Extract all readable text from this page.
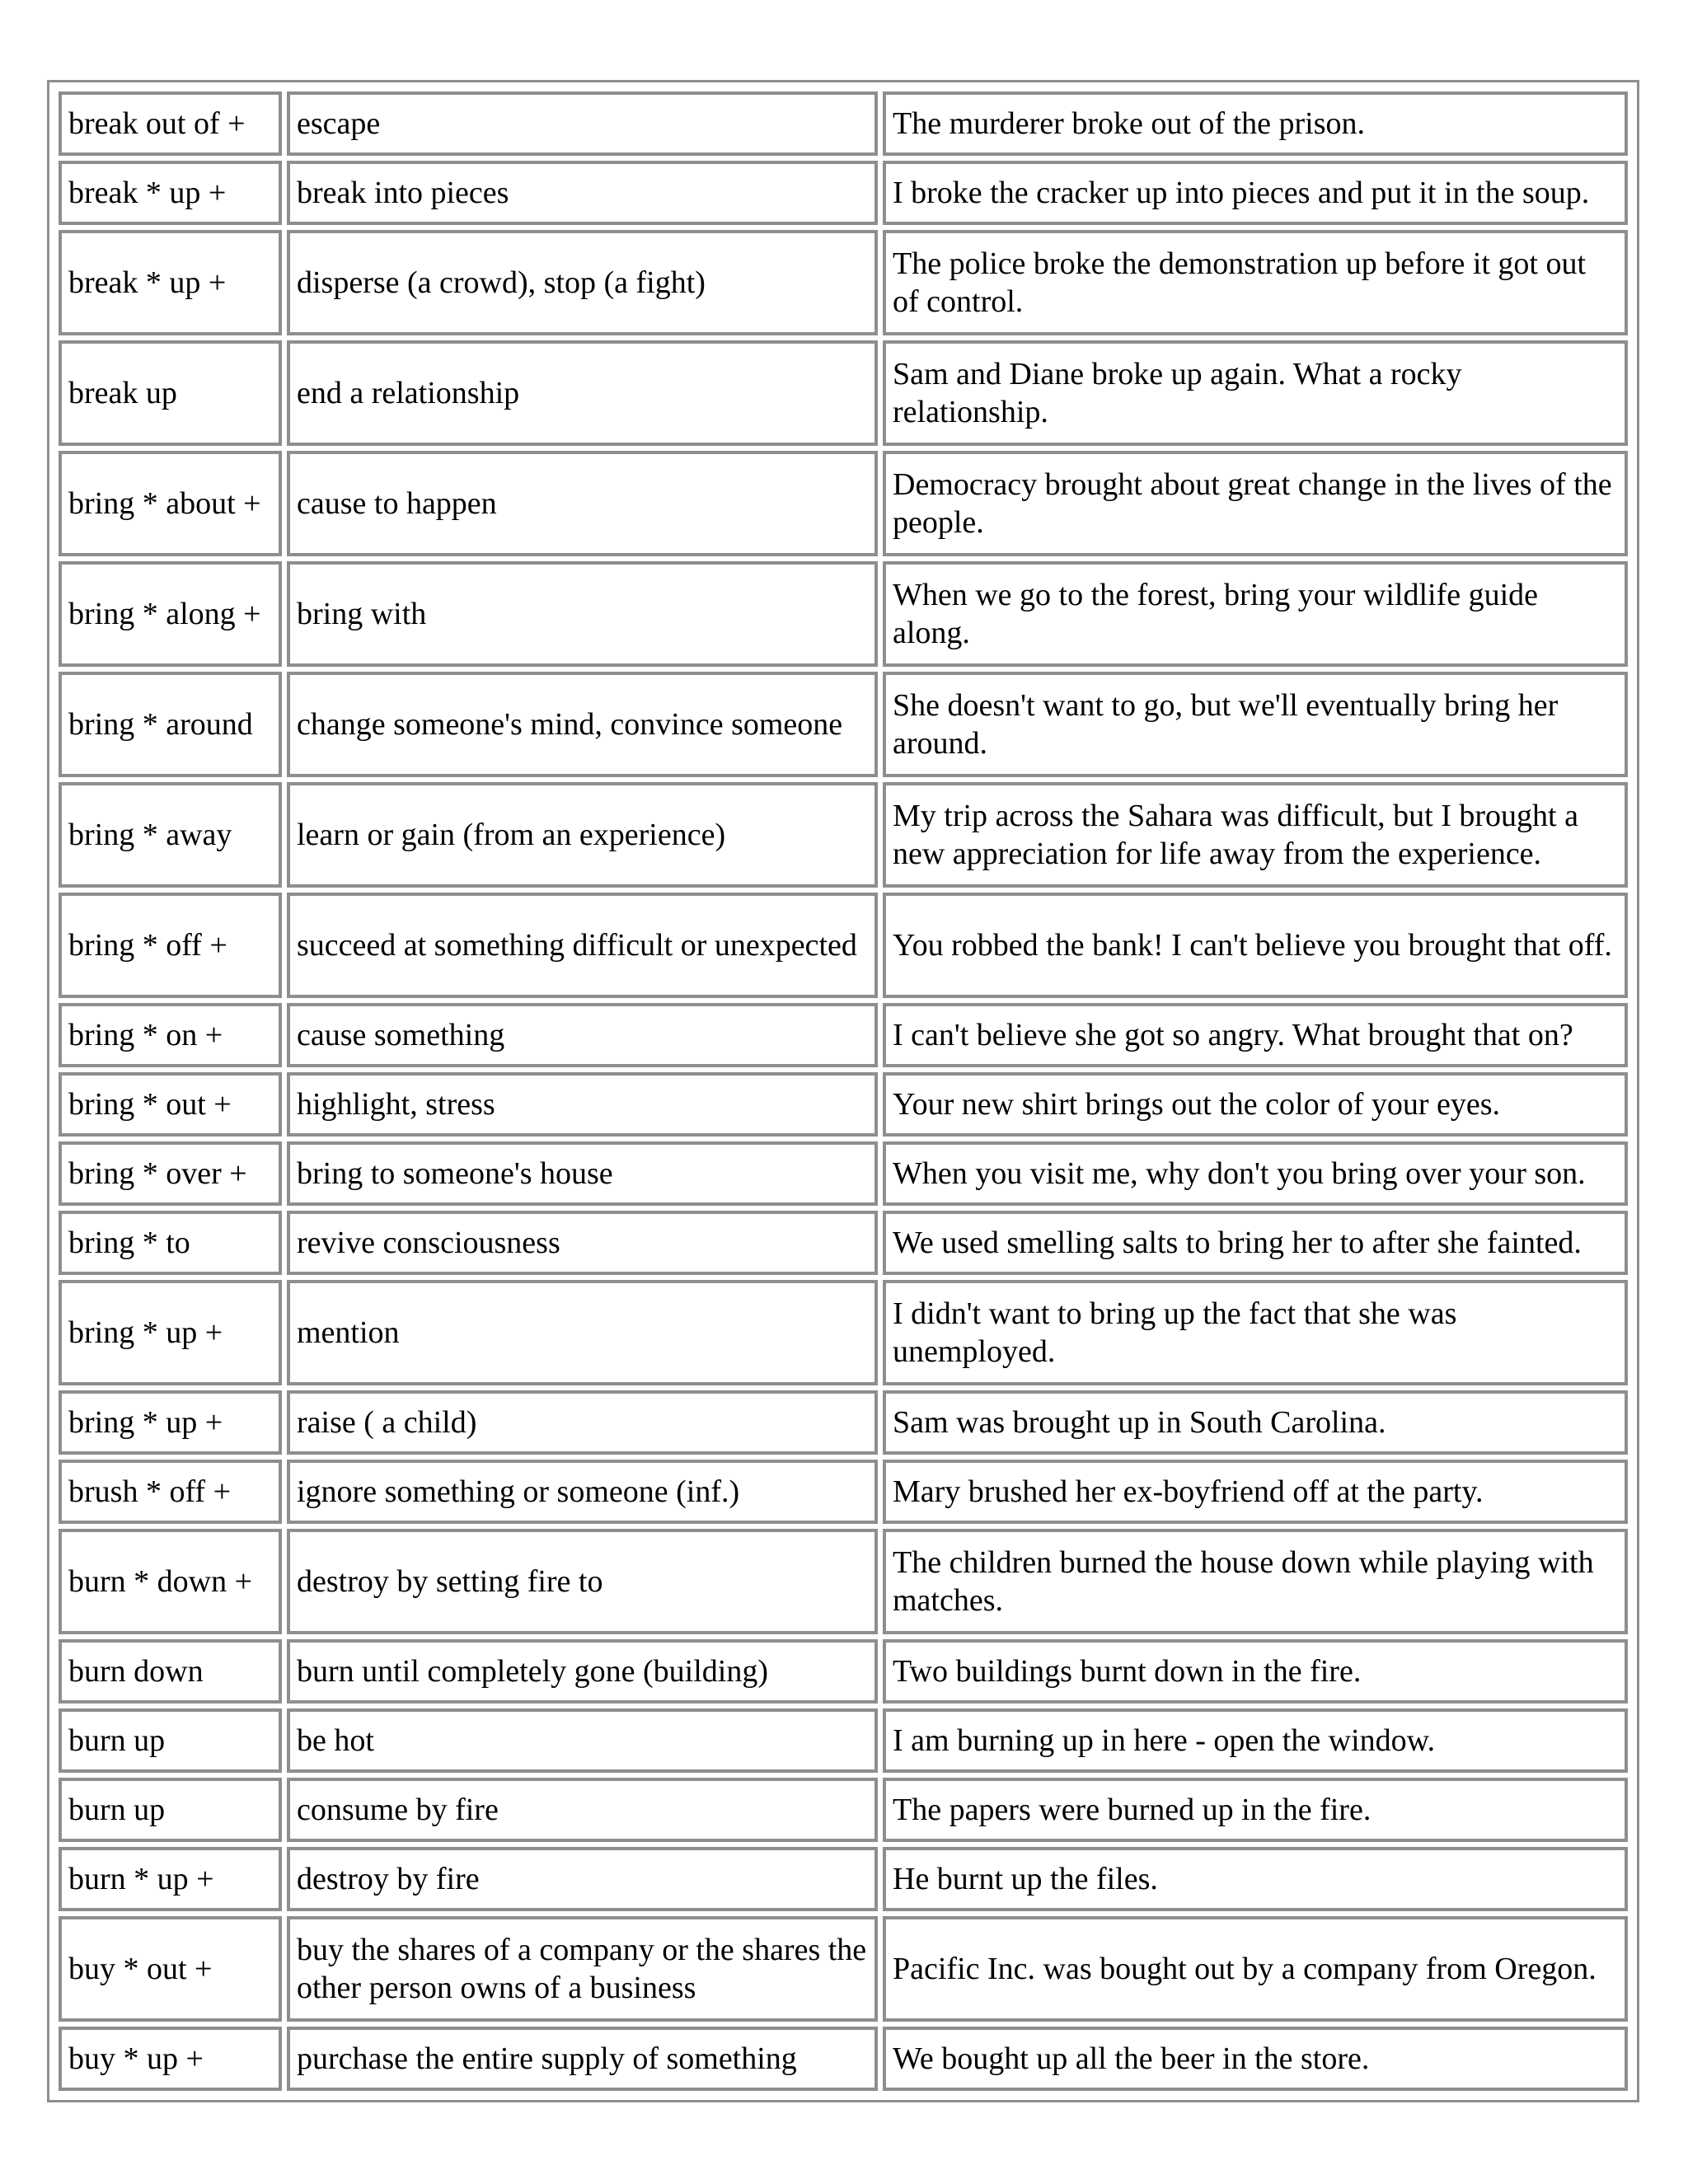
break out of +	escape	The murderer broke out of the prison.
break * up +	break into pieces	I broke the cracker up into pieces and put it in the soup.
break * up +	disperse (a crowd), stop (a fight)	The police broke the demonstration up before it got out of control.
break up	end a relationship	Sam and Diane broke up again. What a rocky relationship.
bring * about +	cause to happen	Democracy brought about great change in the lives of the people.
bring * along +	bring with	When we go to the forest, bring your wildlife guide along.
bring * around	change someone's mind, convince someone	She doesn't want to go, but we'll eventually bring her around.
bring * away	learn or gain (from an experience)	My trip across the Sahara was difficult, but I brought a new appreciation for life away from the experience.
bring * off +	succeed at something difficult or unexpected	You robbed the bank! I can't believe you brought that off.
bring * on +	cause something	I can't believe she got so angry. What brought that on?
bring * out +	highlight, stress	Your new shirt brings out the color of your eyes.
bring * over +	bring to someone's house	When you visit me, why don't you bring over your son.
bring * to	revive consciousness	We used smelling salts to bring her to after she fainted.
bring * up +	mention	I didn't want to bring up the fact that she was unemployed.
bring * up +	raise ( a child)	Sam was brought up in South Carolina.
brush * off +	ignore something or someone (inf.)	Mary brushed her ex-boyfriend off at the party.
burn * down +	destroy by setting fire to	The children burned the house down while playing with matches.
burn down	burn until completely gone (building)	Two buildings burnt down in the fire.
burn up	be hot	I am burning up in here - open the window.
burn up	consume by fire	The papers were burned up in the fire.
burn * up +	destroy by fire	He burnt up the files.
buy * out +	buy the shares of a company or the shares the other person owns of a business	Pacific Inc. was bought out by a company from Oregon.
buy * up +	purchase the entire supply of something	We bought up all the beer in the store.
